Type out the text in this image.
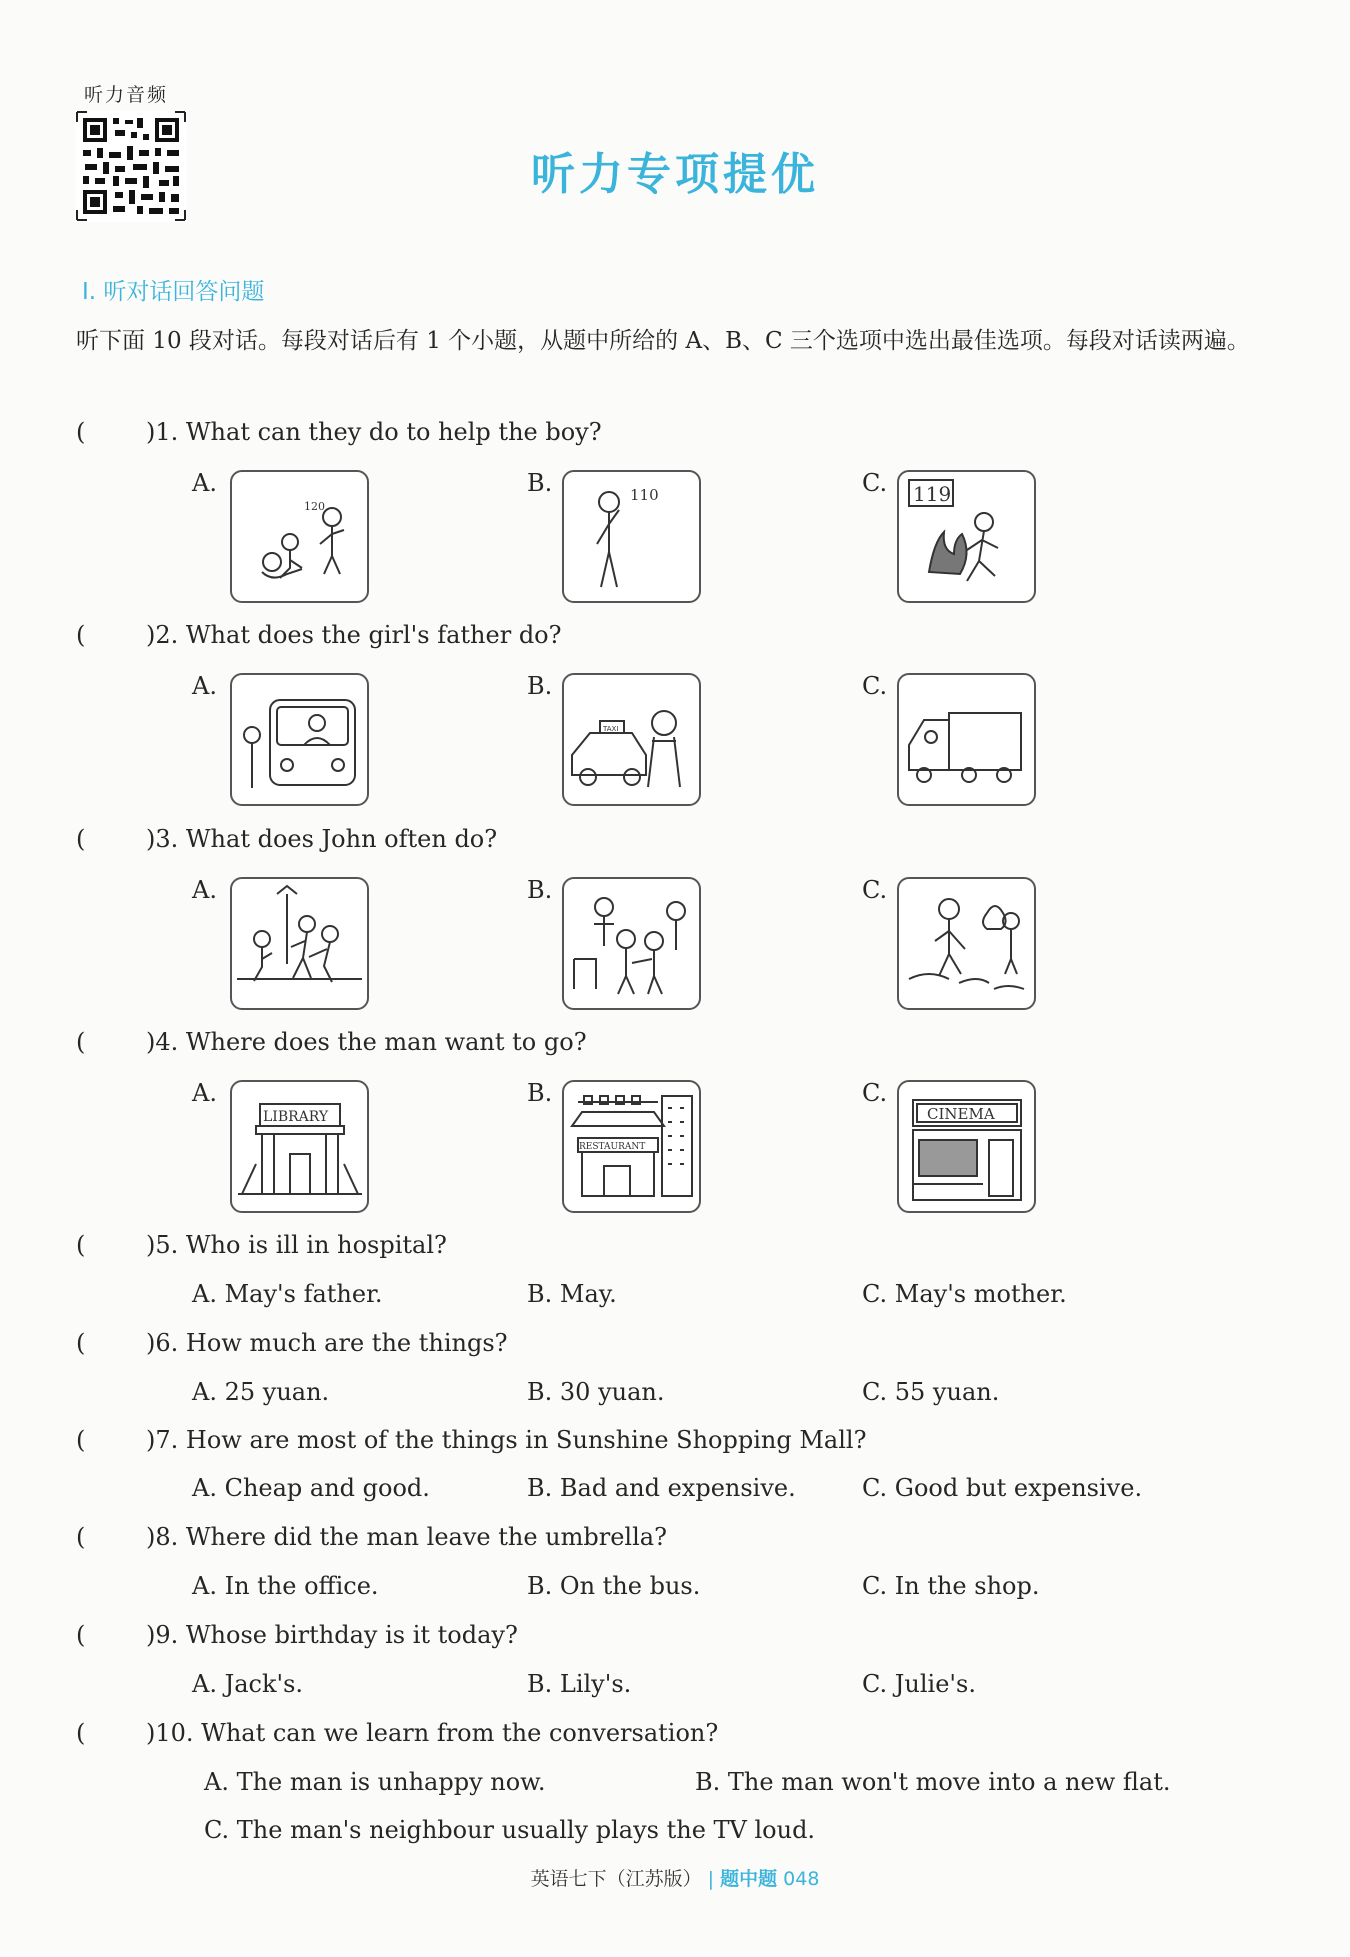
听力音频
听力专项提优
Ⅰ. 听对话回答问题
听下面 10 段对话。每段对话后有 1 个小题，从题中所给的 A、B、C 三个选项中选出最佳选项。每段对话读两遍。
(	)1. What can they do to help the boy?
A.
120
B.	110	C. 119
(	)2. What does the girl's father do?
A.	B.
TAXI
C.
(	)3. What does John often do?
A.	B.	C.
(	)4. Where does the man want to go?
A.
LIBRARY
B.
RESTAURANT
C.
CINEMA
(	)5. Who is ill in hospital?
A. May's father.	B. May.	C. May's mother.
(	)6. How much are the things?
A. 25 yuan.	B. 30 yuan.	C. 55 yuan.
(	)7. How are most of the things in Sunshine Shopping Mall?
A. Cheap and good.	B. Bad and expensive.	C. Good but expensive.
(	)8. Where did the man leave the umbrella?
A. In the office.	B. On the bus.	C. In the shop.
(	)9. Whose birthday is it today?
A. Jack's.	B. Lily's.	C. Julie's.
(	)10. What can we learn from the conversation?
A. The man is unhappy now.	B. The man won't move into a new flat.
C. The man's neighbour usually plays the TV loud.
英语七下（江苏版） | 题中题 048
